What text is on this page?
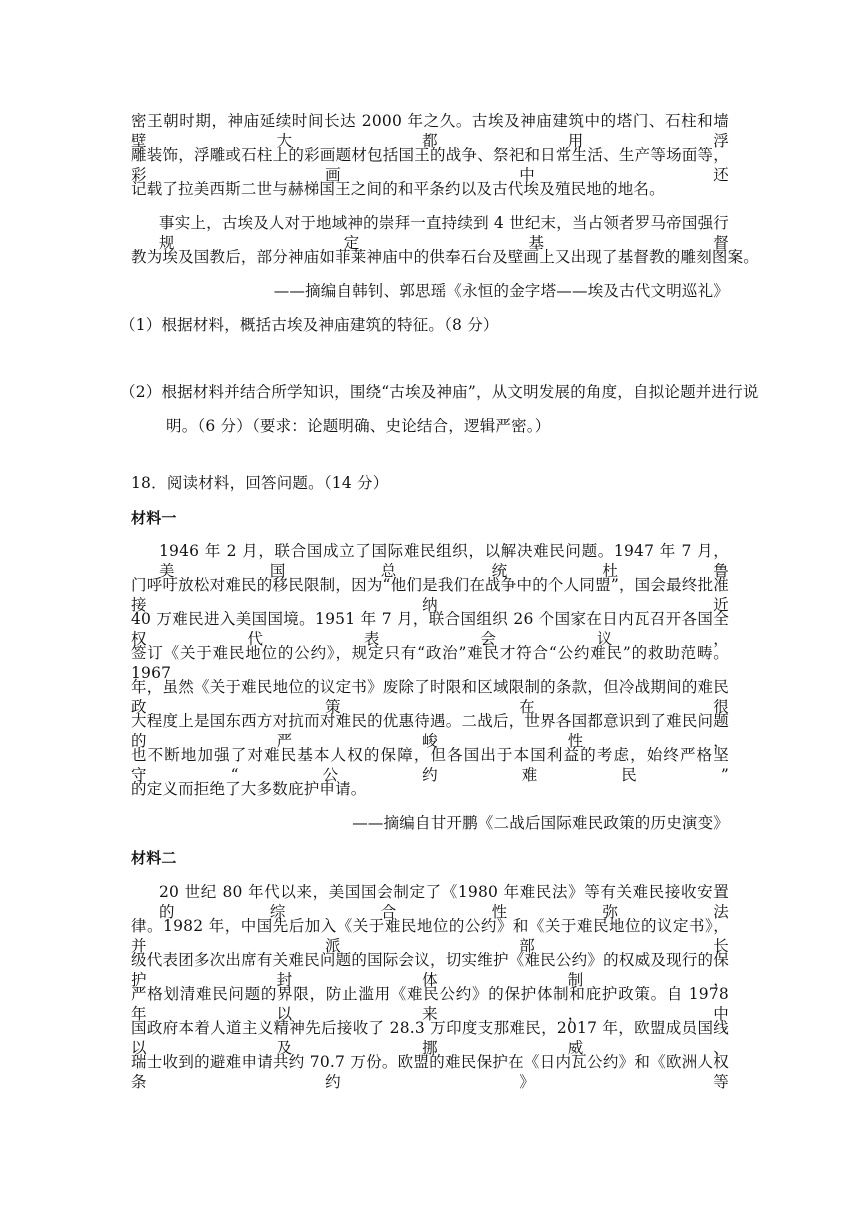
密王朝时期，神庙延续时间长达 2000 年之久。古埃及神庙建筑中的塔门、石柱和墙壁大都用浮
雕装饰，浮雕或石柱上的彩画题材包括国王的战争、祭祀和日常生活、生产等场面等，彩画中还
记载了拉美西斯二世与赫梯国王之间的和平条约以及古代埃及殖民地的地名。
事实上，古埃及人对于地域神的崇拜一直持续到 4 世纪末，当占领者罗马帝国强行规定基督
教为埃及国教后，部分神庙如菲莱神庙中的供奉石台及壁画上又出现了基督教的雕刻图案。
——摘编自韩钊、郭思瑶《永恒的金字塔——埃及古代文明巡礼》
（1）根据材料，概括古埃及神庙建筑的特征。（8 分）
（2）根据材料并结合所学知识，围绕“古埃及神庙”，从文明发展的角度，自拟论题并进行说
明。（6 分）（要求：论题明确、史论结合，逻辑严密。）
18．阅读材料，回答问题。（14 分）
材料一
1946 年 2 月，联合国成立了国际难民组织，以解决难民问题。1947 年 7 月，美国总统杜鲁
门呼吁放松对难民的移民限制，因为“他们是我们在战争中的个人同盟”，国会最终批准接纳近
40 万难民进入美国国境。1951 年 7 月，联合国组织 26 个国家在日内瓦召开各国全权代表会议，
签订《关于难民地位的公约》，规定只有“政治”难民才符合“公约难民”的救助范畴。1967
年，虽然《关于难民地位的议定书》废除了时限和区域限制的条款，但冷战期间的难民政策在很
大程度上是国东西方对抗而对难民的优惠待遇。二战后，世界各国都意识到了难民问题的严峻性，
也不断地加强了对难民基本人权的保障，但各国出于本国利益的考虑，始终严格坚守“公约难民”
的定义而拒绝了大多数庇护申请。
——摘编自甘开鹏《二战后国际难民政策的历史演变》
材料二
20 世纪 80 年代以来，美国国会制定了《1980 年难民法》等有关难民接收安置的综合性弥法
律。1982 年，中国先后加入《关于难民地位的公约》和《关于难民地位的议定书》，并派部长
级代表团多次出席有关难民问题的国际会议，切实维护《难民公约》的权威及现行的保护封体制，
严格划清难民问题的界限，防止滥用《难民公约》的保护体制和庇护政策。自 1978 年以来，中
国政府本着人道主义精神先后接收了 28.3 万印度支那难民，2017 年，欧盟成员国线以及挪威、
瑞士收到的避难申请共约 70.7 万份。欧盟的难民保护在《日内瓦公约》和《欧洲人权条约》等
